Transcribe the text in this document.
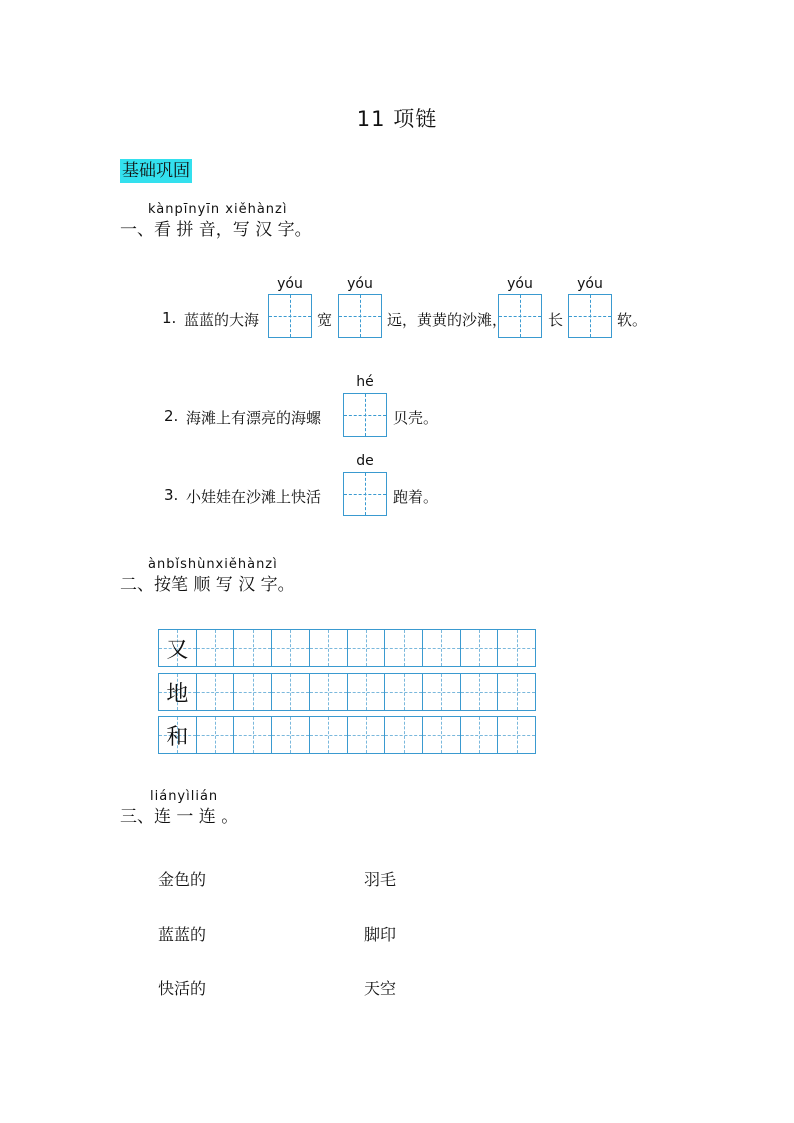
11 项链
基础巩固
kànpīnyīn xiěhànzì
一、看 拼 音，写 汉 字。
1. 蓝蓝的大海
yóu
宽
yóu
远，黄黄的沙滩，
yóu
长
yóu
软。
2. 海滩上有漂亮的海螺
hé
贝壳。
3. 小娃娃在沙滩上快活
de
跑着。
ànbǐshùnxiěhànzì
二、按笔 顺 写 汉 字。
又
地
和
liányìlián
三、连 一 连 。
金色的
蓝蓝的
快活的
羽毛
脚印
天空
